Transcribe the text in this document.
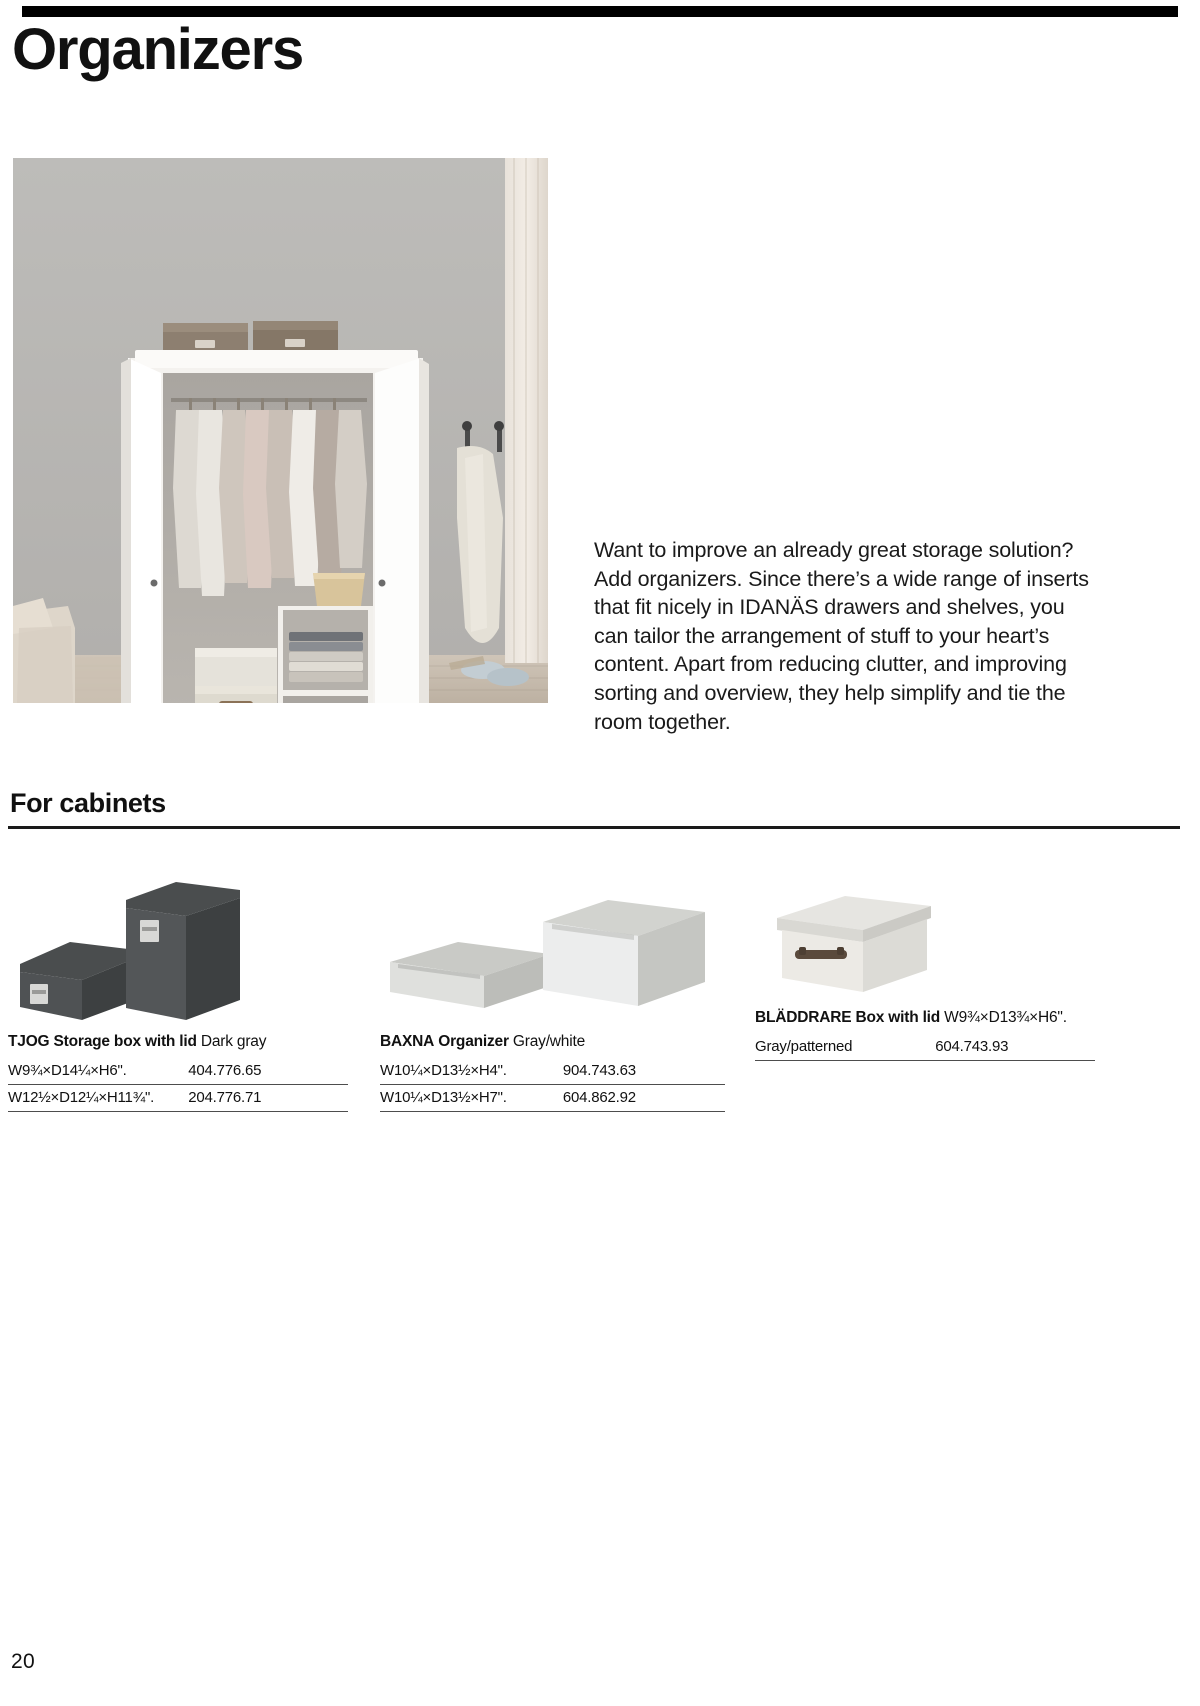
Organizers

Want to improve an already great storage solution? Add organizers. Since there’s a wide range of inserts that fit nicely in IDANÄS drawers and shelves, you can tailor the arrangement of stuff to your heart’s content. Apart from reducing clutter, and improving sorting and overview, they help simplify and tie the room together.

For cabinets
TJOG Storage box with lid Dark gray
W9¾×D14¼×H6".	404.776.65
W12½×D12¼×H11¾".	204.776.71
BAXNA Organizer Gray/white
W10¼×D13½×H4".	904.743.63
W10¼×D13½×H7".	604.862.92
BLÄDDRARE Box with lid W9¾×D13¾×H6".
Gray/patterned	604.743.93
20
